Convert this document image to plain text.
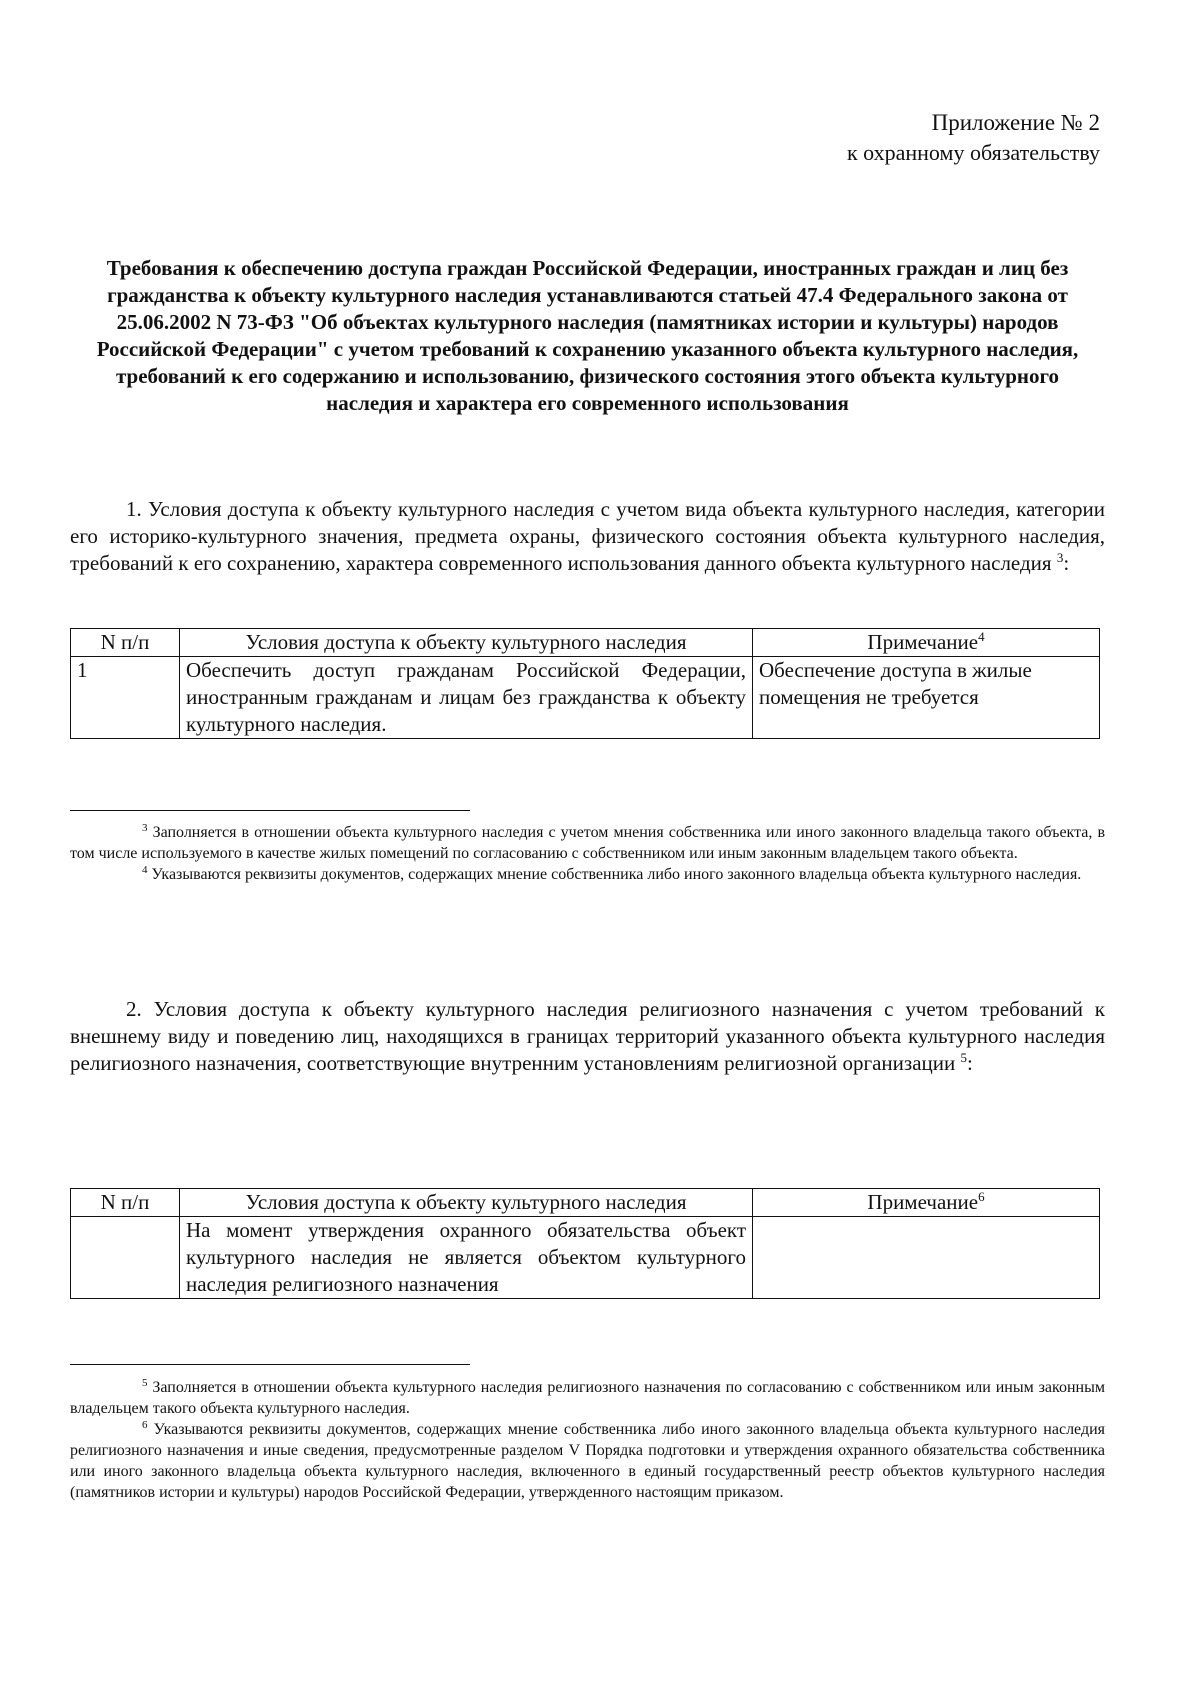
Приложение № 2
к охранному обязательству
Требования к обеспечению доступа граждан Российской Федерации, иностранных граждан и лиц без гражданства к объекту культурного наследия устанавливаются статьей 47.4 Федерального закона от 25.06.2002 N 73-ФЗ "Об объектах культурного наследия (памятниках истории и культуры) народов Российской Федерации" с учетом требований к сохранению указанного объекта культурного наследия, требований к его содержанию и использованию, физического состояния этого объекта культурного наследия и характера его современного использования
1. Условия доступа к объекту культурного наследия с учетом вида объекта культурного наследия, категории его историко-культурного значения, предмета охраны, физического состояния объекта культурного наследия, требований к его сохранению, характера современного использования данного объекта культурного наследия $^3$:
N п/п	Условия доступа к объекту культурного наследия	Примечание$^4$
1	Обеспечить доступ гражданам Российской Федерации, иностранным гражданам и лицам без гражданства к объекту культурного наследия.	Обеспечение доступа в жилые помещения не требуется

$^3$ Заполняется в отношении объекта культурного наследия с учетом мнения собственника или иного законного владельца такого объекта, в том числе используемого в качестве жилых помещений по согласованию с собственником или иным законным владельцем такого объекта.

$^4$ Указываются реквизиты документов, содержащих мнение собственника либо иного законного владельца объекта культурного наследия.

2. Условия доступа к объекту культурного наследия религиозного назначения с учетом требований к внешнему виду и поведению лиц, находящихся в границах территорий указанного объекта культурного наследия религиозного назначения, соответствующие внутренним установлениям религиозной организации $^5$:
N п/п	Условия доступа к объекту культурного наследия	Примечание$^6$
	На момент утверждения охранного обязательства объект культурного наследия не является объектом культурного наследия религиозного назначения	

$^5$ Заполняется в отношении объекта культурного наследия религиозного назначения по согласованию с собственником или иным законным владельцем такого объекта культурного наследия.

$^6$ Указываются реквизиты документов, содержащих мнение собственника либо иного законного владельца объекта культурного наследия религиозного назначения и иные сведения, предусмотренные разделом V Порядка подготовки и утверждения охранного обязательства собственника или иного законного владельца объекта культурного наследия, включенного в единый государственный реестр объектов культурного наследия (памятников истории и культуры) народов Российской Федерации, утвержденного настоящим приказом.
